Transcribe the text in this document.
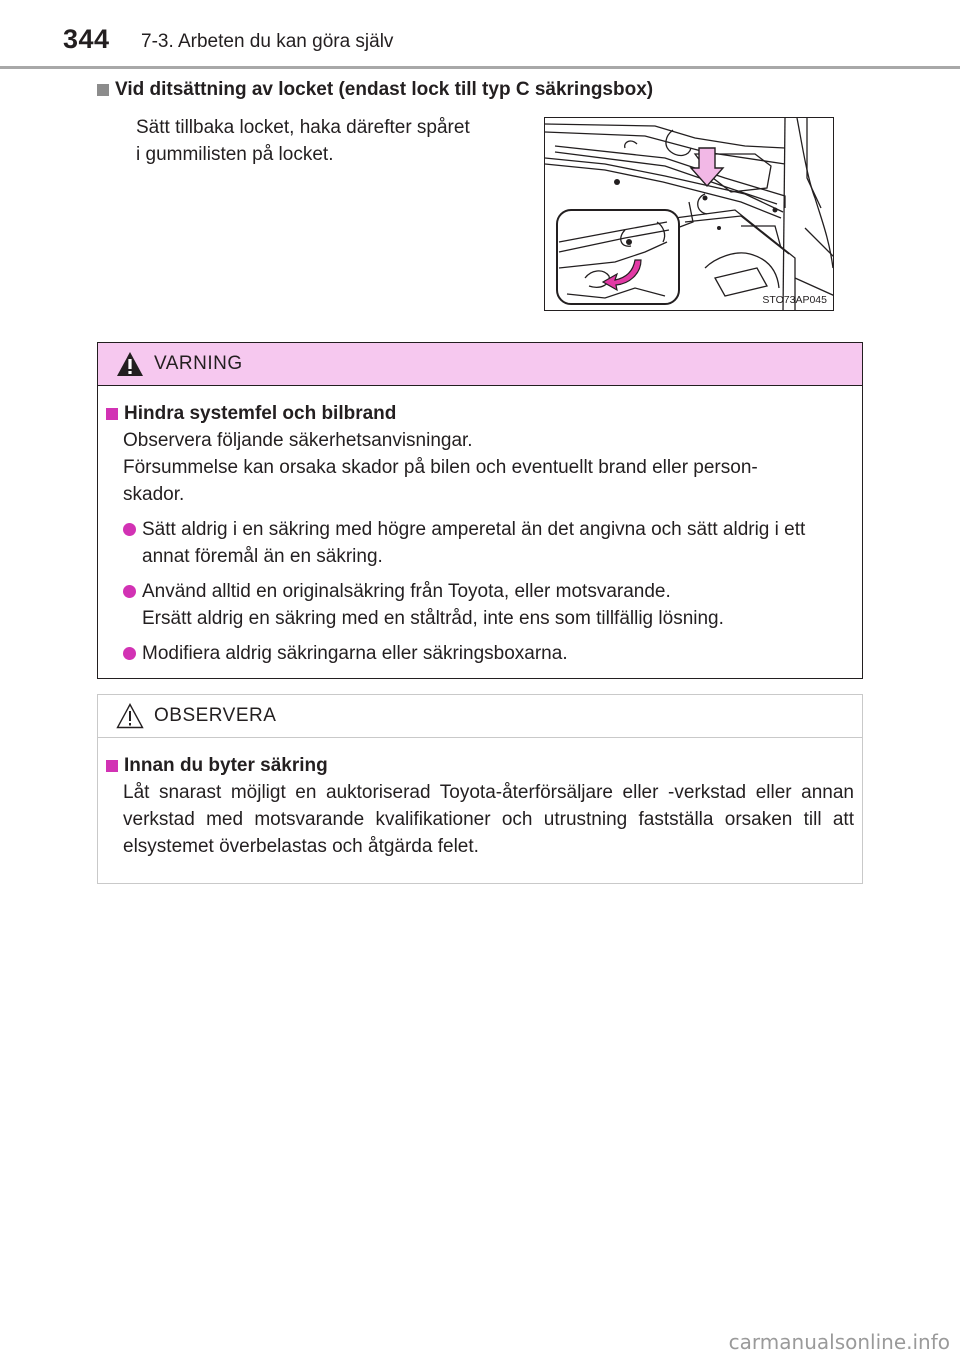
344 7-3. Arbeten du kan göra själv
Vid ditsättning av locket (endast lock till typ C säkringsbox)
Sätt tillbaka locket, haka därefter spåret
i gummilisten på locket.
STO73AP045
VARNING
Hindra systemfel och bilbrand
Observera följande säkerhetsanvisningar.
Försummelse kan orsaka skador på bilen och eventuellt brand eller person-
skador.
Sätt aldrig i en säkring med högre amperetal än det angivna och sätt aldrig i ett annat föremål än en säkring.
Använd alltid en originalsäkring från Toyota, eller motsvarande.
Ersätt aldrig en säkring med en ståltråd, inte ens som tillfällig lösning.
Modifiera aldrig säkringarna eller säkringsboxarna.
OBSERVERA
Innan du byter säkring
Låt snarast möjligt en auktoriserad Toyota-återförsäljare eller -verkstad eller annan verkstad med motsvarande kvalifikationer och utrustning fastställa orsaken till att elsystemet överbelastas och åtgärda felet.
carmanualsonline.info
